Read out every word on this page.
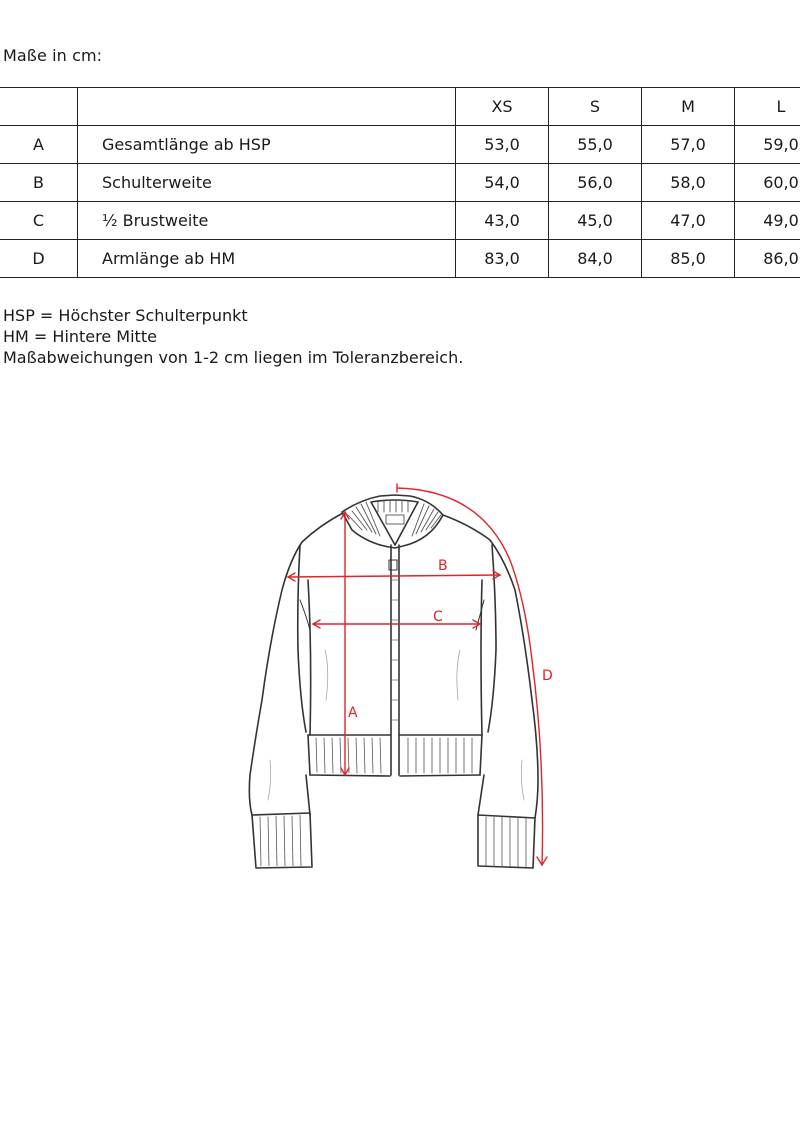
Maße in cm:
		XS	S	M	L
A	Gesamtlänge ab HSP	53,0	55,0	57,0	59,0
B	Schulterweite	54,0	56,0	58,0	60,0
C	½ Brustweite	43,0	45,0	47,0	49,0
D	Armlänge ab HM	83,0	84,0	85,0	86,0
HSP = Höchster Schulterpunkt
HM = Hintere Mitte
Maßabweichungen von 1-2 cm liegen im Toleranzbereich.
B
C
A
D
